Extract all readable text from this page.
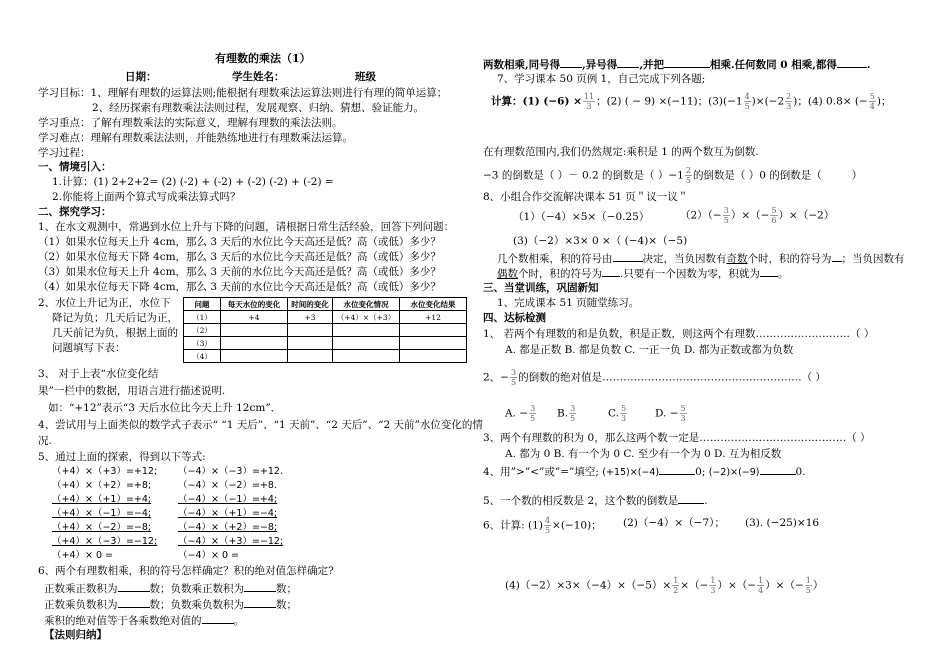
有理数的乘法（1）
日期：	学生姓名：	班级
学习目标：1、理解有理数的运算法则;能根据有理数乘法运算法则进行有理的简单运算；
2、经历探索有理数乘法法则过程，发展观察、归纳、猜想、验证能力。
学习重点：了解有理数乘法的实际意义，理解有理数的乘法法则。
学习难点：理解有理数乘法法则，并能熟练地进行有理数乘法运算。
学习过程：
一、情境引入：
1.计算：(1) 2+2+2= (2) (-2) + (-2) + (-2) (-2) + (-2) =
2.你能将上面两个算式写成乘法算式吗？
二、探究学习：
1、在水文观测中，常遇到水位上升与下降的问题，请根据日常生活经验，回答下列问题：
（1）如果水位每天上升 4cm，那么 3 天后的水位比今天高还是低？高（或低）多少？
（2）如果水位每天下降 4cm，那么 3 天后的水位比今天高还是低？高（或低）多少？
（3）如果水位每天上升 4cm，那么 3 天前的水位比今天高还是低？高（或低）多少？
（4）如果水位每天下降 4cm，那么 3 天前的水位比今天高还是低？高（或低）多少？
2、水位上升记为正，水位下
降记为负；几天后记为正，
几天前记为负，根据上面的
问题填写下表：
问题	每天水位的变化	时间的变化	水位变化情况	水位变化结果
（1）	+4	+3	（+4）×（+3）	+12
（2）				
（3）				
（4）				
3、 对于上表“水位变化结
果”一栏中的数据，用语言进行描述说明.
如：“+12”表示“3 天后水位比今天上升 12cm”．
4、尝试用与上面类似的数学式子表示“ “1 天后”、“1 天前”、“2 天后”、“2 天前”水位变化的情
况.
5、通过上面的探索，得到以下等式:
（+4）×（+3）=+12;
（+4）×（+2）=+8;
（+4）×（+1）=+4;
（+4）×（−1）=−4;
（+4）×（−2）=−8;
（+4）×（−3）=−12;
（+4）× 0 =
（−4）×（−3）=+12.
（−4）×（−2）=+8.
（−4）×（−1）=+4;
（−4）×（+1）=−4;
（−4）×（+2）=−8;
（−4）×（+3）=−12;
（−4）× 0 =
6、两个有理数相乘，积的符号怎样确定？积的绝对值怎样确定?
正数乘正数积为	数；负数乘正数积为	数；
正数乘负数积为	数；负数乘负数积为	数；
乘积的绝对值等于各乘数绝对值的	。
【法则归纳】
两数相乘,同号得 ,异号得 ,并把	相乘.任何数同 0 相乘,都得	.
7、学习课本 50 页例 1，自己完成下列各题;
计算：(1) $(-6) \times \frac{11}{3}$ ；(2) ( − 9) ×(−11)；$(3)(-1 \frac{4}{5} )\times(-2 \frac{2}{3}$ )；(4) 0.8× (− $\frac{5}{4}$ )；
在有理数范围内,我们仍然规定:乘积是 1 的两个数互为倒数.
−3 的倒数是（ ）－ 0.2 的倒数是（ ）$-1 \frac{2}{5}$ 的倒数是（ ）0 的倒数是（	）
8、小组合作交流解决课本 51 页＂议一议＂
（1）（−4）×5×（−0.25）	$(2)(- \frac{3}{5}$ ）×（− $\frac{5}{6} )\times(-2)$
(3)（−2）×3× 0 ×（ (−4)×（−5)
几个数相乘，积的符号由	决定，当负因数有奇数个时，积的符号为 ；当负因数有
偶数个时，积的符号为 .只要有一个因数为零，积就为 。
三、当堂训练，巩固新知
1、完成课本 51 页随堂练习。
四、达标检测
1、 若两个有理数的和是负数，积是正数，则这两个有理数………………………（ ）
A. 都是正数 B. 都是负数 C. 一正一负 D. 都为正数或都为负数
2、− $\frac{3}{5}$ 的倒数的绝对值是…………………………………………………（ ）
A. − $\frac{3}{5} B$. $\frac{3}{5}$	C. $\frac{5}{3}$	D. − $\frac{5}{3}$
3、两个有理数的积为 0，那么这两个数一定是……………………………………（ ）
A. 都为 0 B. 有一个为 0 C. 至少有一个为 0 D. 互为相反数
4、用”>”<”或”=”填空; (+15)×(−4)	0; (−2)×(−9)	0.
5、一个数的相反数是 2，这个数的倒数是 .
6、计算: $(1) \frac{4}{5} \times(-10)$； (2)（−4）×（−7）； (3). (−25)×16
$(4)(-2)\times 3\times(-4)\times(-5)\times \frac{1}{2}$ ×（− $\frac{1}{3}$ ）×（− $\frac{1}{4}$ ）×（− $\frac{1}{5}$ ）
